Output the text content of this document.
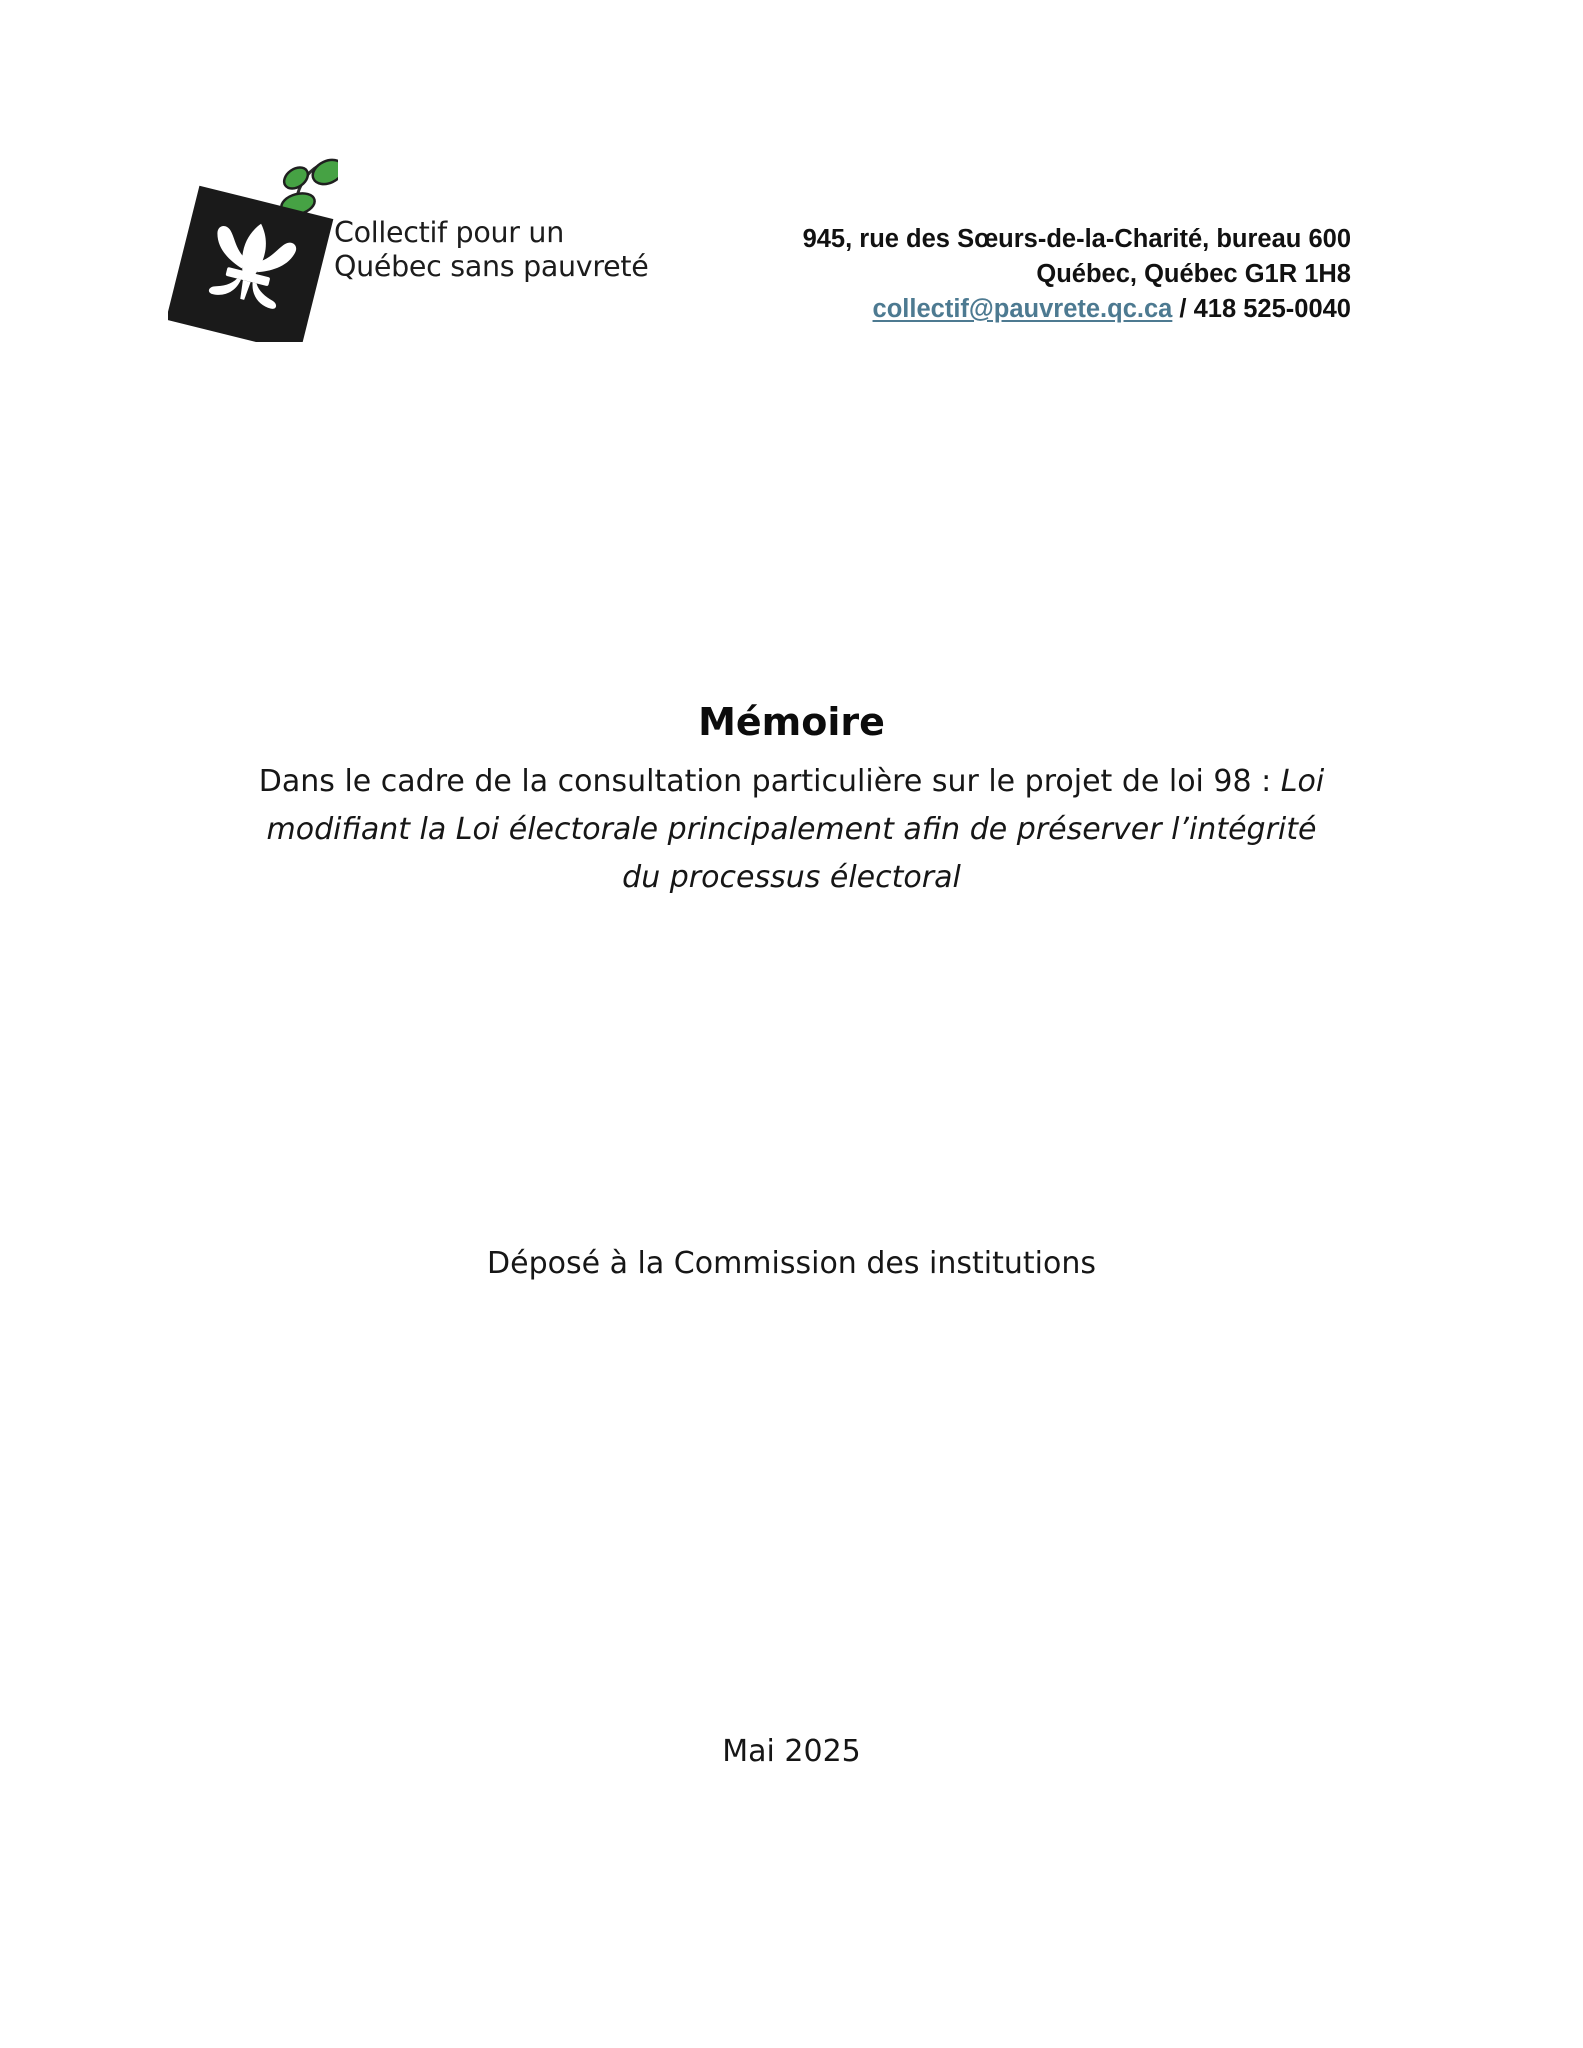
Collectif pour un
Québec sans pauvreté
945, rue des Sœurs-de-la-Charité, bureau 600
Québec, Québec G1R 1H8
collectif@pauvrete.qc.ca / 418 525-0040
Mémoire
Dans le cadre de la consultation particulière sur le projet de loi 98 : Loi
modifiant la Loi électorale principalement afin de préserver l’intégrité
du processus électoral
Déposé à la Commission des institutions
Mai 2025
